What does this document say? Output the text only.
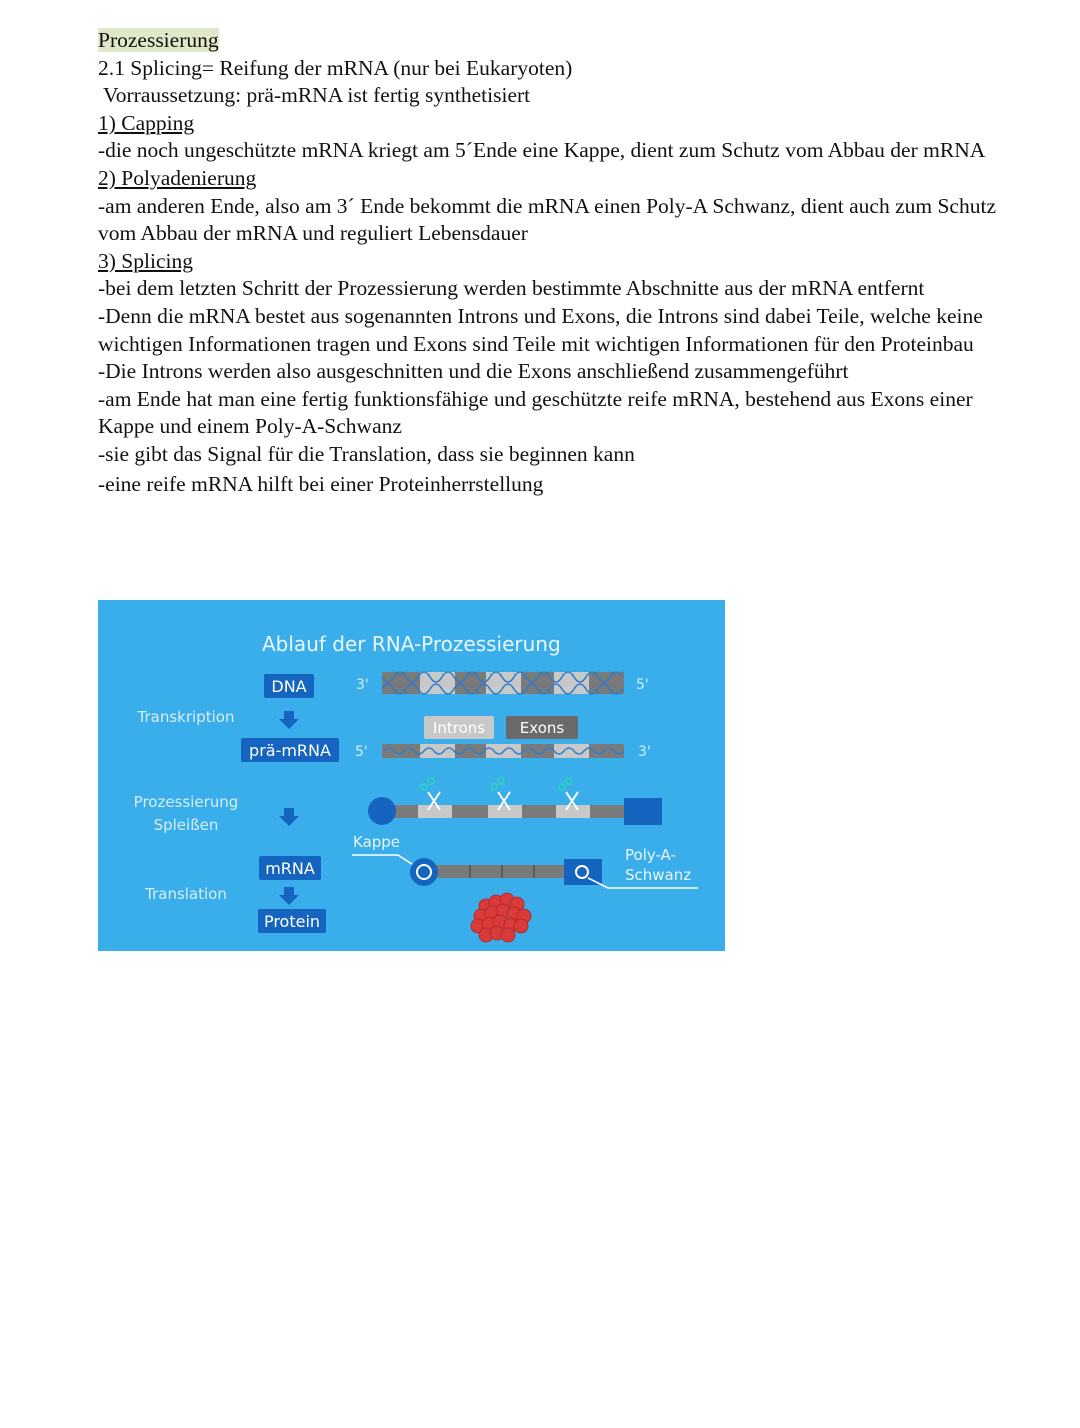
Prozessierung

2.1 Splicing= Reifung der mRNA (nur bei Eukaryoten)

Vorraussetzung: prä-mRNA ist fertig synthetisiert

1) Capping

-die noch ungeschützte mRNA kriegt am 5´Ende eine Kappe, dient zum Schutz vom Abbau der mRNA

2) Polyadenierung

-am anderen Ende, also am 3´ Ende bekommt die mRNA einen Poly-A Schwanz, dient auch zum Schutz vom Abbau der mRNA und reguliert Lebensdauer

3) Splicing

-bei dem letzten Schritt der Prozessierung werden bestimmte Abschnitte aus der mRNA entfernt

-Denn die mRNA bestet aus sogenannten Introns und Exons, die Introns sind dabei Teile, welche keine wichtigen Informationen tragen und Exons sind Teile mit wichtigen Informationen für den Proteinbau

-Die Introns werden also ausgeschnitten und die Exons anschließend zusammengeführt

-am Ende hat man eine fertig funktionsfähige und geschützte reife mRNA, bestehend aus Exons einer Kappe und einem Poly-A-Schwanz

-sie gibt das Signal für die Translation, dass sie beginnen kann

-eine reife mRNA hilft bei einer Proteinherrstellung

Ablauf der RNA-Prozessierung
Transkription
Prozessierung
Spleißen
Translation
DNA
prä-mRNA
mRNA
Protein
3'	5'
Introns Exons
5'	3'
Kappe
Poly-A-
Schwanz
